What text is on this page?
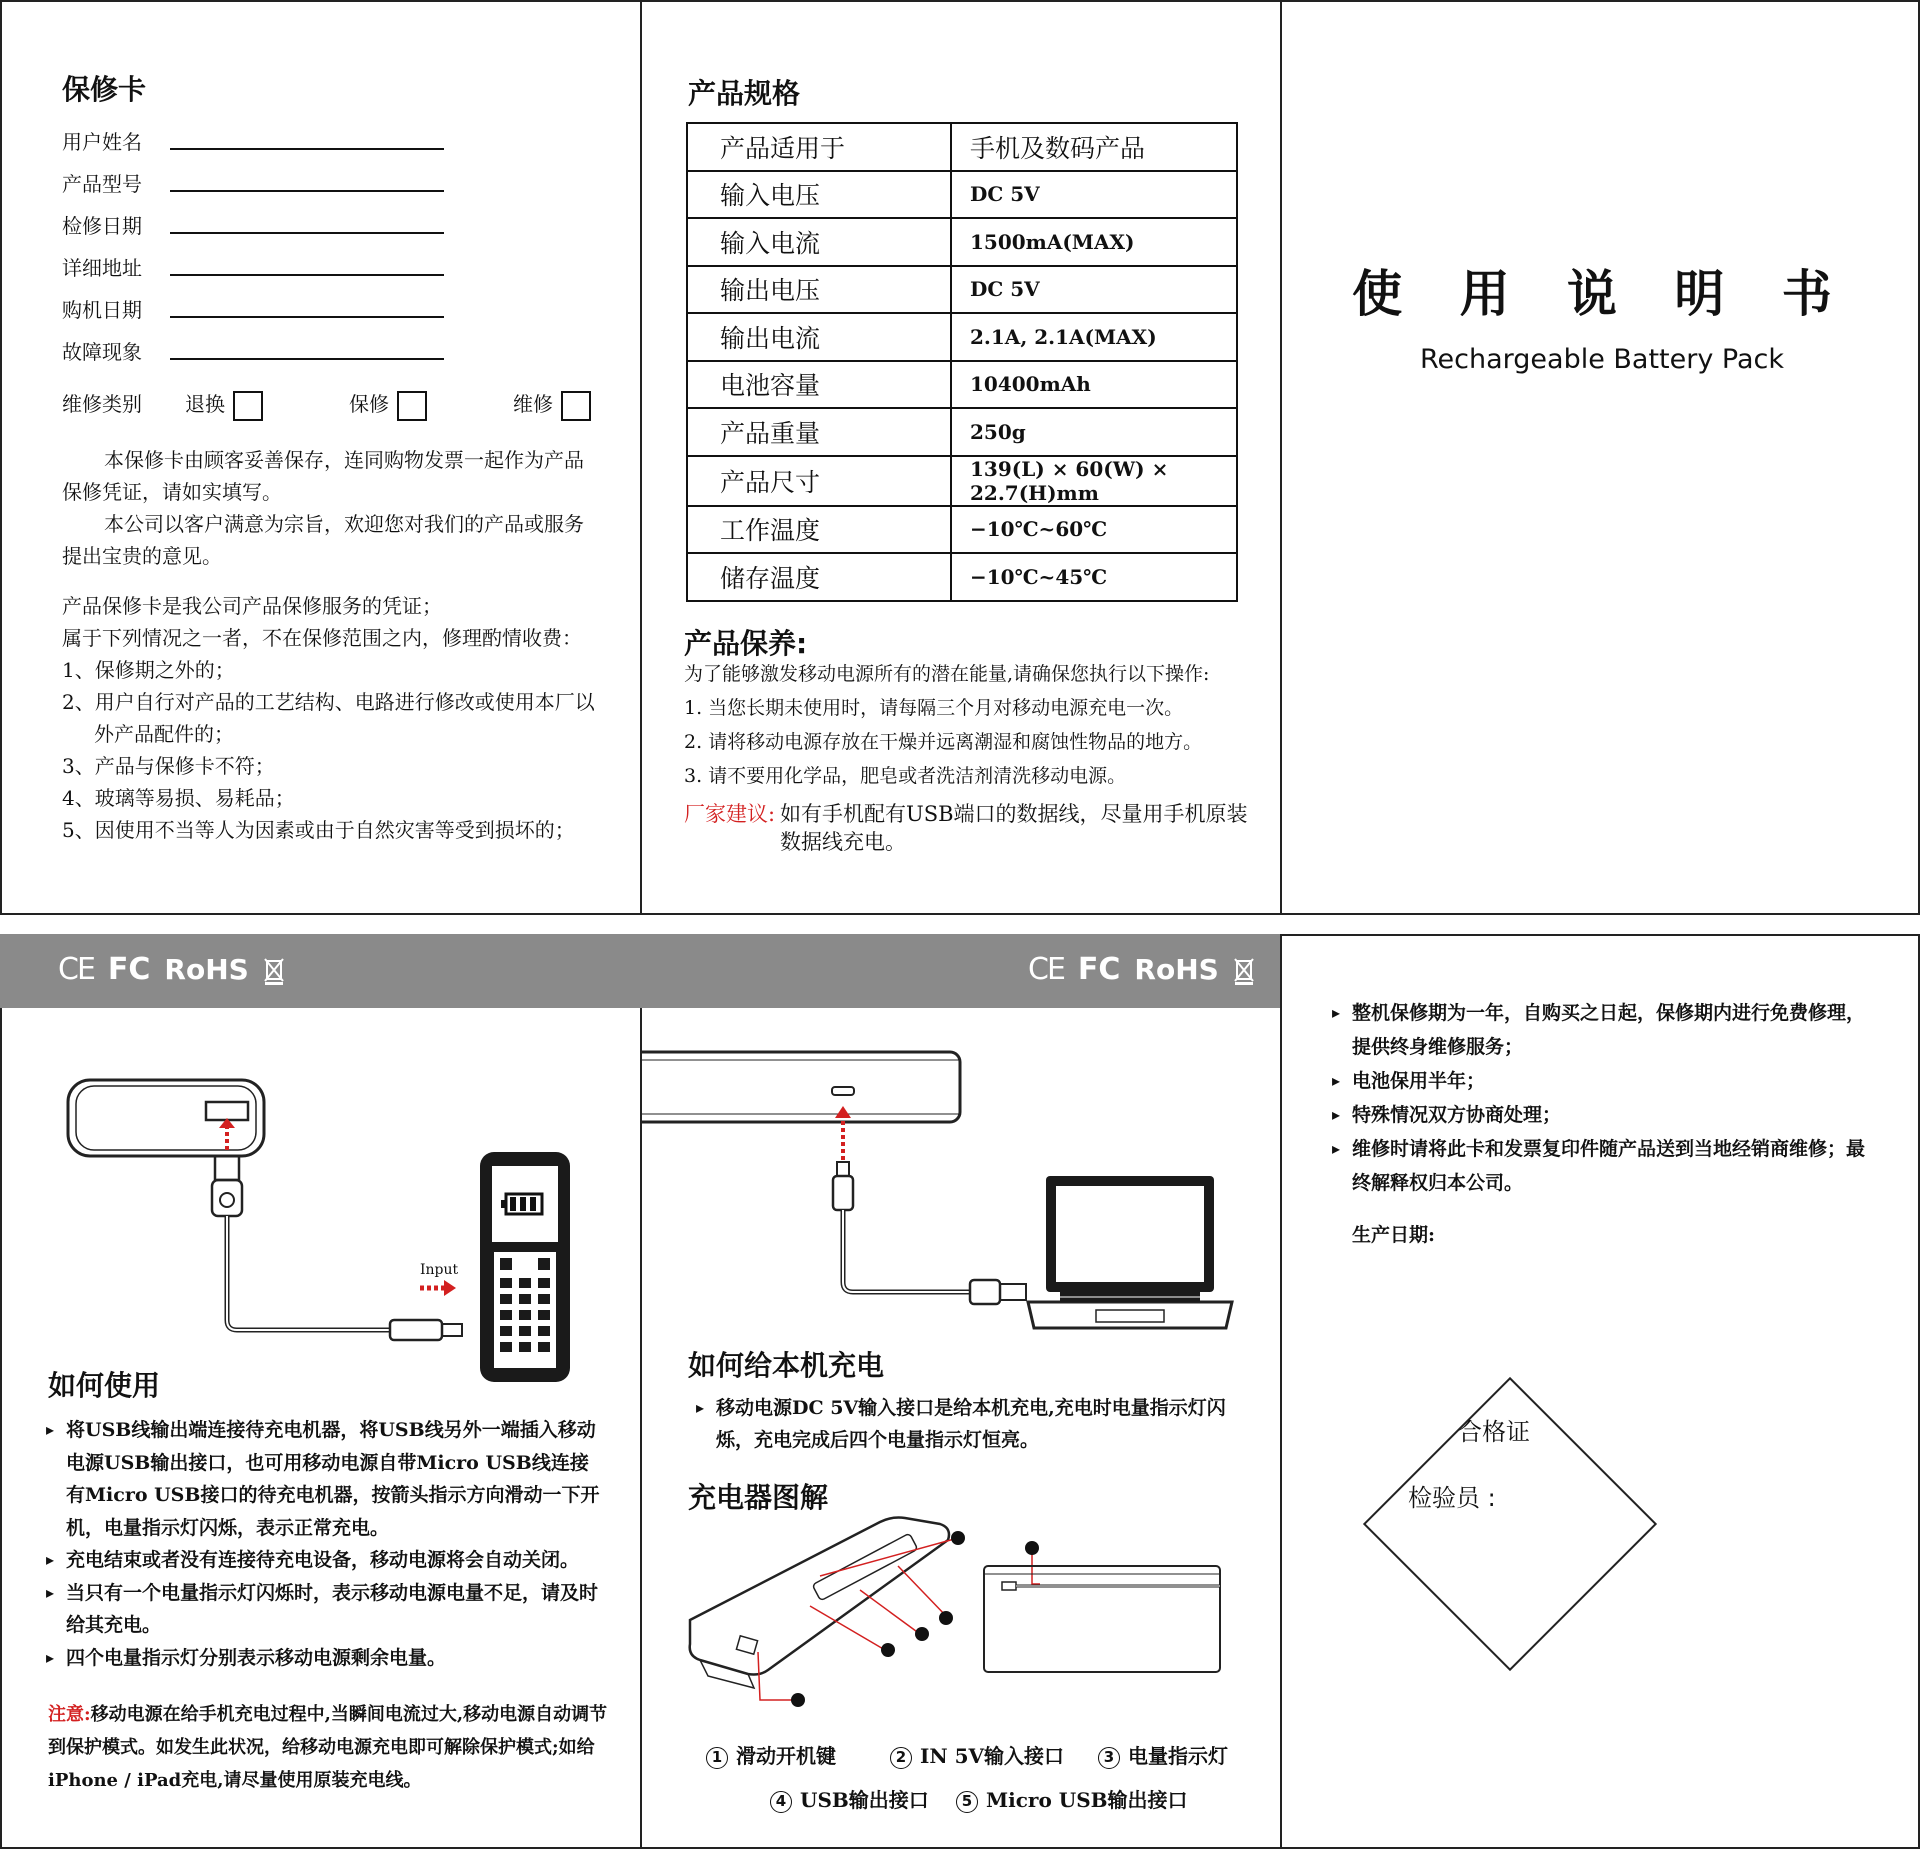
保修卡
用户姓名
产品型号
检修日期
详细地址
购机日期
故障现象
维修类别 退换	保修	维修
本保修卡由顾客妥善保存，连同购物发票一起作为产品保修凭证，请如实填写。
本公司以客户满意为宗旨，欢迎您对我们的产品或服务提出宝贵的意见。
产品保修卡是我公司产品保修服务的凭证；
属于下列情况之一者，不在保修范围之内，修理酌情收费：
1、保修期之外的；
2、用户自行对产品的工艺结构、电路进行修改或使用本厂以外产品配件的；
3、产品与保修卡不符；
4、玻璃等易损、易耗品；
5、因使用不当等人为因素或由于自然灾害等受到损坏的；
产品规格
产品适用于	手机及数码产品
输入电压	DC 5V
输入电流	1500mA(MAX)
输出电压	DC 5V
输出电流	2.1A, 2.1A(MAX)
电池容量	10400mAh
产品重量	250g
产品尺寸	139(L) × 60(W) × 22.7(H)mm
工作温度	−10℃~60℃
储存温度	−10℃~45℃
产品保养:
为了能够激发移动电源所有的潜在能量,请确保您执行以下操作:
1. 当您长期未使用时，请每隔三个月对移动电源充电一次。
2. 请将移动电源存放在干燥并远离潮湿和腐蚀性物品的地方。
3. 请不要用化学品，肥皂或者洗洁剂清洗移动电源。
厂家建议: 如有手机配有USB端口的数据线，尽量用手机原装数据线充电。
使 用 说 明 书
Rechargeable Battery Pack
CE FC RoHS	CE FC RoHS
Input
如何使用
▸ 将USB线输出端连接待充电机器，将USB线另外一端插入移动电源USB输出接口，也可用移动电源自带Micro USB线连接有Micro USB接口的待充电机器，按箭头指示方向滑动一下开机，电量指示灯闪烁，表示正常充电。
▸ 充电结束或者没有连接待充电设备，移动电源将会自动关闭。
▸ 当只有一个电量指示灯闪烁时，表示移动电源电量不足，请及时给其充电。
▸ 四个电量指示灯分别表示移动电源剩余电量。
注意:移动电源在给手机充电过程中,当瞬间电流过大,移动电源自动调节到保护模式。如发生此状况，给移动电源充电即可解除保护模式;如给iPhone / iPad充电,请尽量使用原装充电线。
如何给本机充电
▸ 移动电源DC 5V输入接口是给本机充电,充电时电量指示灯闪烁，充电完成后四个电量指示灯恒亮。
充电器图解
1 滑动开机键	2 IN 5V输入接口	3 电量指示灯
4 USB输出接口	5 Micro USB输出接口
▸ 整机保修期为一年，自购买之日起，保修期内进行免费修理，提供终身维修服务；
▸ 电池保用半年；
▸ 特殊情况双方协商处理；
▸ 维修时请将此卡和发票复印件随产品送到当地经销商维修；最终解释权归本公司。
生产日期:
合格证
检验员 :
